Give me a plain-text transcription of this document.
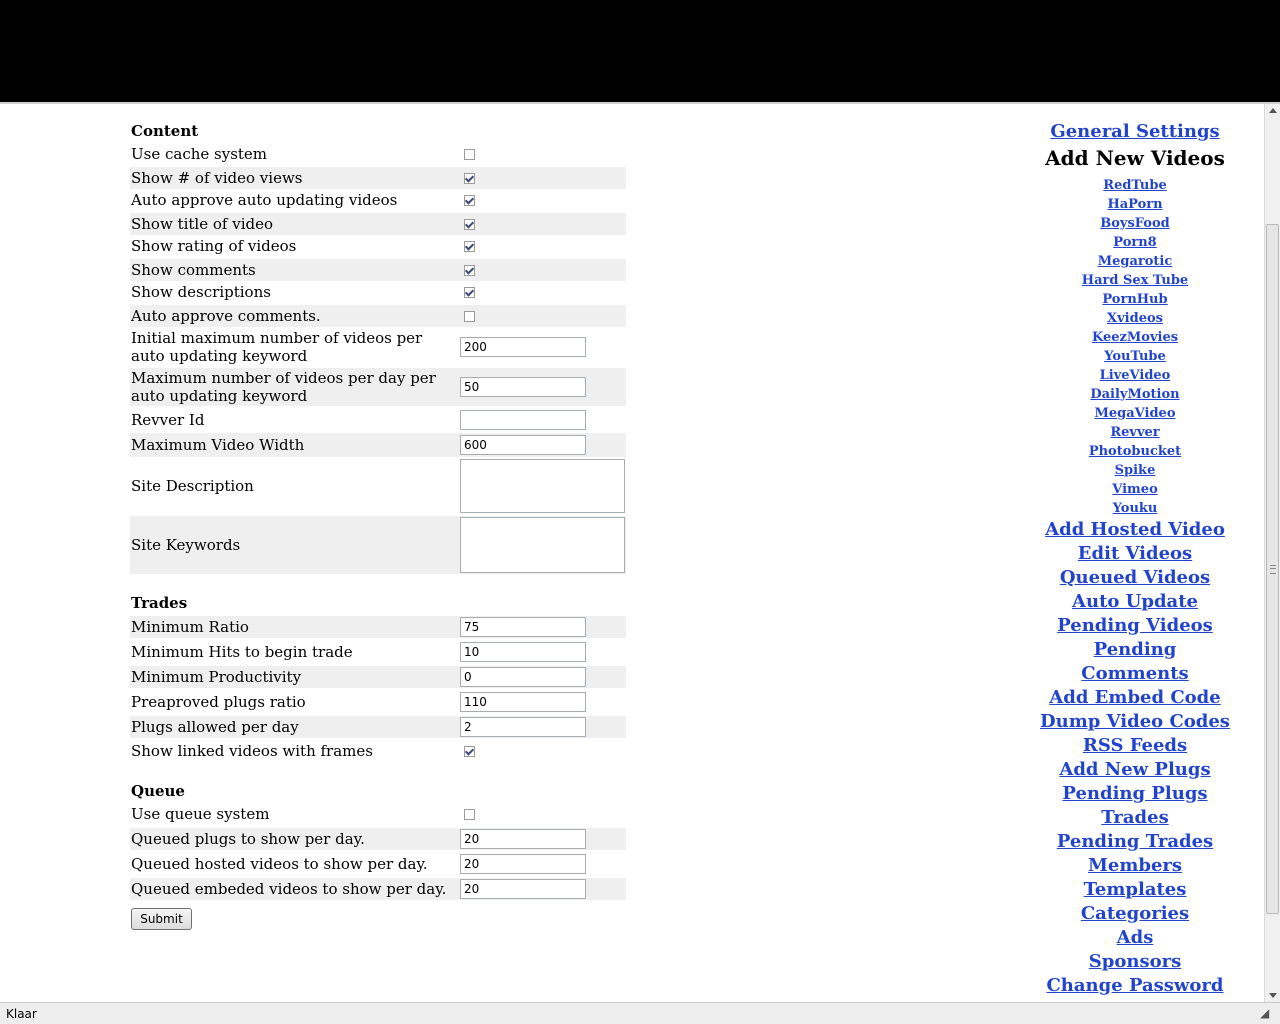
Content
Trades
Queue
Submit
Use cache system
Show # of video views
Auto approve auto updating videos
Show title of video
Show rating of videos
Show comments
Show descriptions
Auto approve comments.
Initial maximum number of videos per auto updating keyword	200
Maximum number of videos per day per auto updating keyword	50
Revver Id
Maximum Video Width	600
Site Description
Site Keywords
Minimum Ratio	75
Minimum Hits to begin trade	10
Minimum Productivity	0
Preaproved plugs ratio	110
Plugs allowed per day	2
Show linked videos with frames
Use queue system
Queued plugs to show per day.	20
Queued hosted videos to show per day.	20
Queued embeded videos to show per day.	20
General Settings
Add New Videos
RedTube
HaPorn
BoysFood
Porn8
Megarotic
Hard Sex Tube
PornHub
Xvideos
KeezMovies
YouTube
LiveVideo
DailyMotion
MegaVideo
Revver
Photobucket
Spike
Vimeo
Youku
Add Hosted Video
Edit Videos
Queued Videos
Auto Update
Pending Videos
Pending Comments
Add Embed Code
Dump Video Codes
RSS Feeds
Add New Plugs
Pending Plugs
Trades
Pending Trades
Members
Templates
Categories
Ads
Sponsors
Change Password
Klaar	◢
